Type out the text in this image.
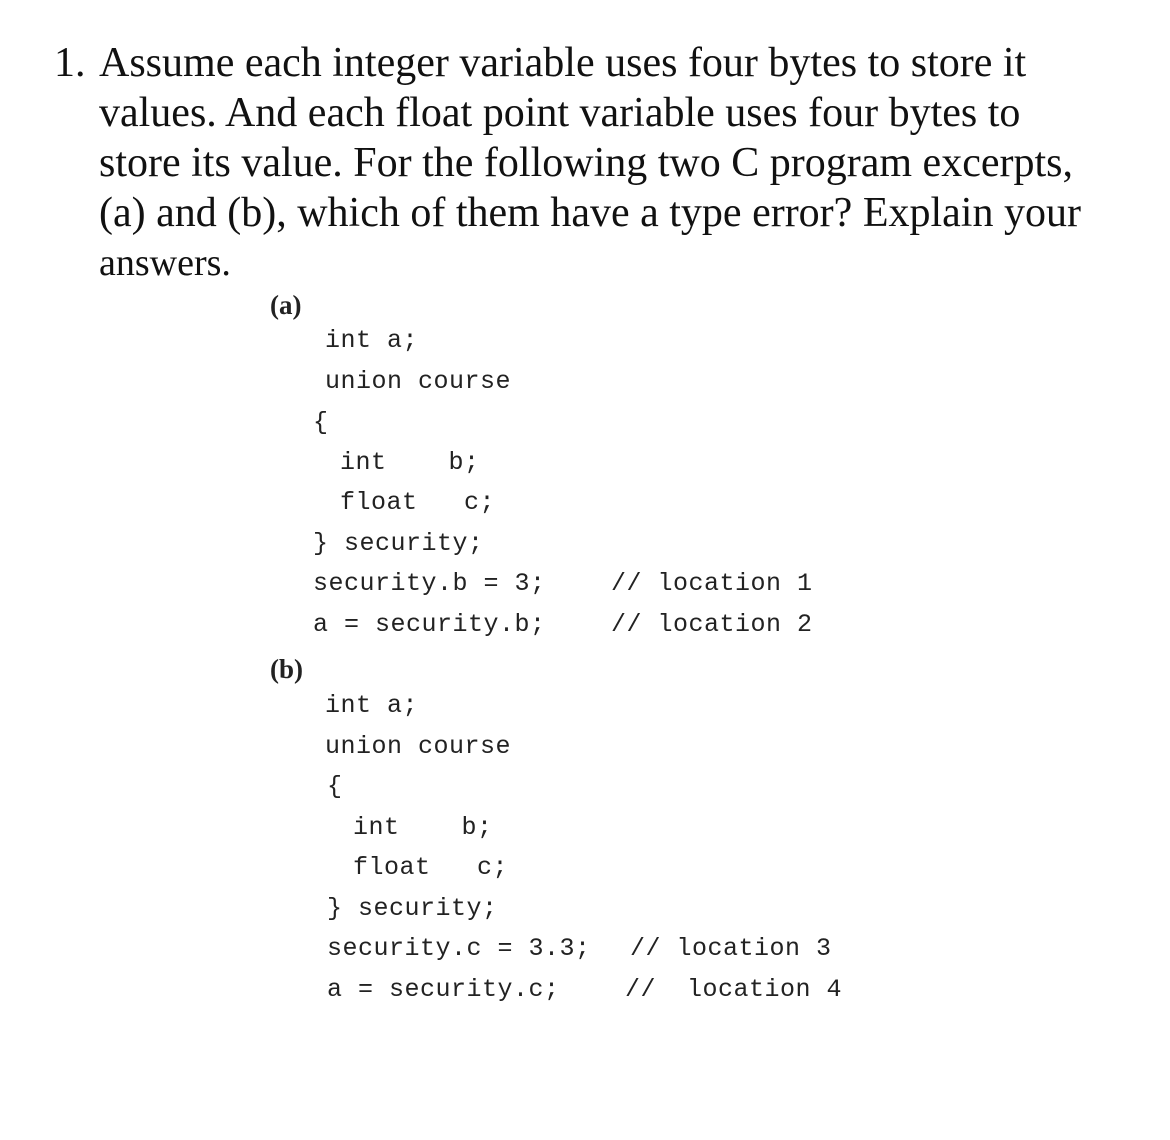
1. Assume each integer variable uses four bytes to store it
values. And each float point variable uses four bytes to
store its value. For the following two C program excerpts,
(a) and (b), which of them have a type error? Explain your
answers.
(a)
int a;
union course
{
int    b;
float   c;
} security;
security.b = 3;	// location 1
a = security.b;	// location 2
(b)
int a;
union course
{
int    b;
float   c;
} security;
security.c = 3.3; // location 3
a = security.c;	//  location 4
